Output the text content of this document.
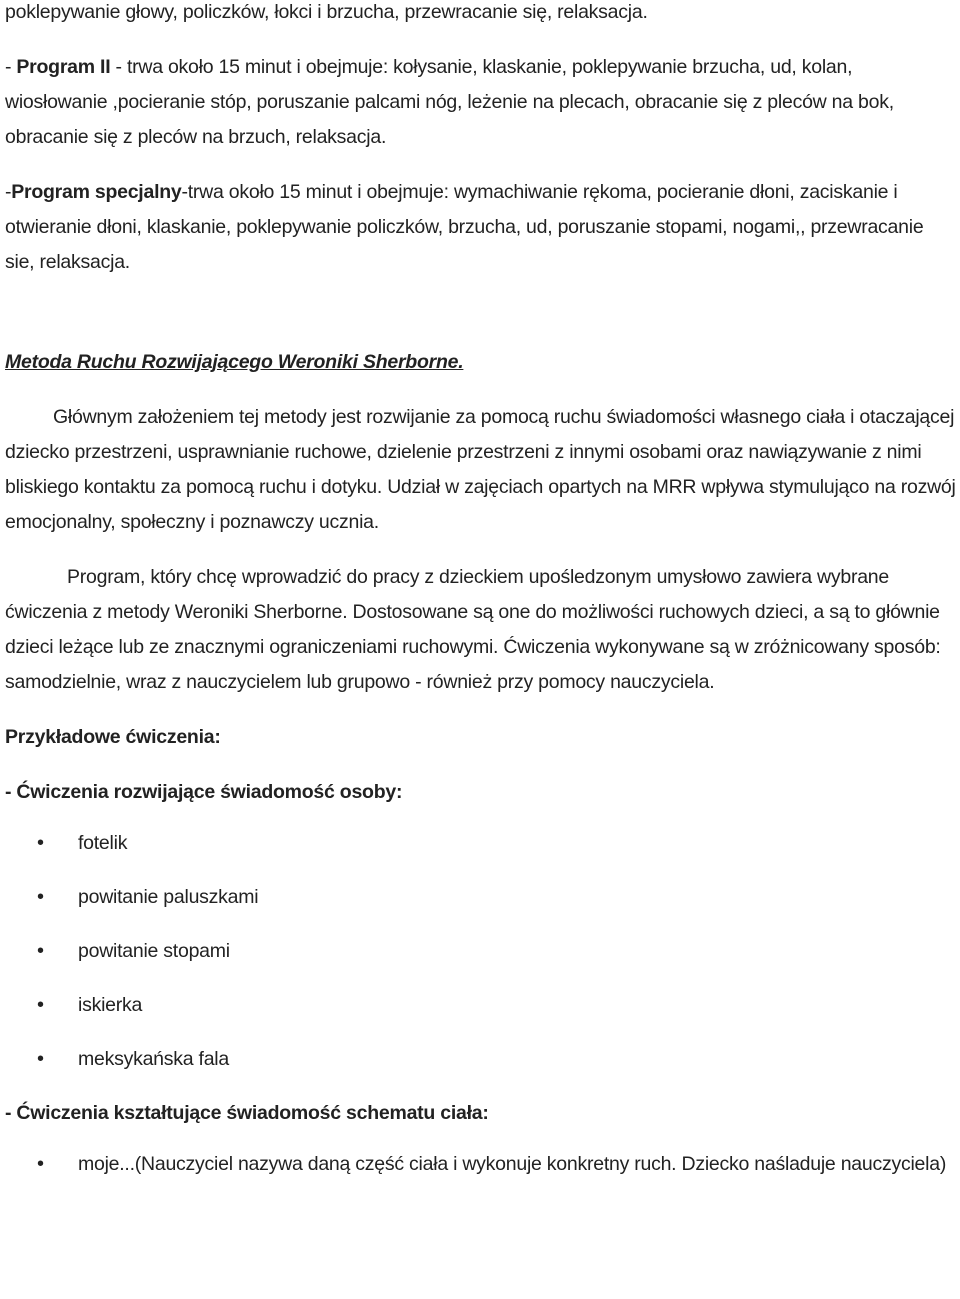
poklepywanie głowy, policzków, łokci i brzucha, przewracanie się, relaksacja.

- Program II - trwa około 15 minut i obejmuje: kołysanie, klaskanie, poklepywanie brzucha, ud, kolan, wiosłowanie ,pocieranie stóp, poruszanie palcami nóg, leżenie na plecach, obracanie się z pleców na bok, obracanie się z pleców na brzuch, relaksacja.

-Program specjalny-trwa około 15 minut i obejmuje: wymachiwanie rękoma, pocieranie dłoni, zaciskanie i otwieranie dłoni, klaskanie, poklepywanie policzków, brzucha, ud, poruszanie stopami, nogami,, przewracanie sie, relaksacja.

Metoda Ruchu Rozwijającego Weroniki Sherborne.

Głównym założeniem tej metody jest rozwijanie za pomocą ruchu świadomości własnego ciała i otaczającej dziecko przestrzeni, usprawnianie ruchowe, dzielenie przestrzeni z innymi osobami oraz nawiązywanie z nimi bliskiego kontaktu za pomocą ruchu i dotyku. Udział w zajęciach opartych na MRR wpływa stymulująco na rozwój emocjonalny, społeczny i poznawczy ucznia.

Program, który chcę wprowadzić do pracy z dzieckiem upośledzonym umysłowo zawiera wybrane ćwiczenia z metody Weroniki Sherborne. Dostosowane są one do możliwości ruchowych dzieci, a są to głównie dzieci leżące lub ze znacznymi ograniczeniami ruchowymi. Ćwiczenia wykonywane są w zróżnicowany sposób: samodzielnie, wraz z nauczycielem lub grupowo - również przy pomocy nauczyciela.

Przykładowe ćwiczenia:

- Ćwiczenia rozwijające świadomość osoby:

• fotelik
• powitanie paluszkami
• powitanie stopami
• iskierka
• meksykańska fala

- Ćwiczenia kształtujące świadomość schematu ciała:

• moje...(Nauczyciel nazywa daną część ciała i wykonuje konkretny ruch. Dziecko naśladuje nauczyciela)
